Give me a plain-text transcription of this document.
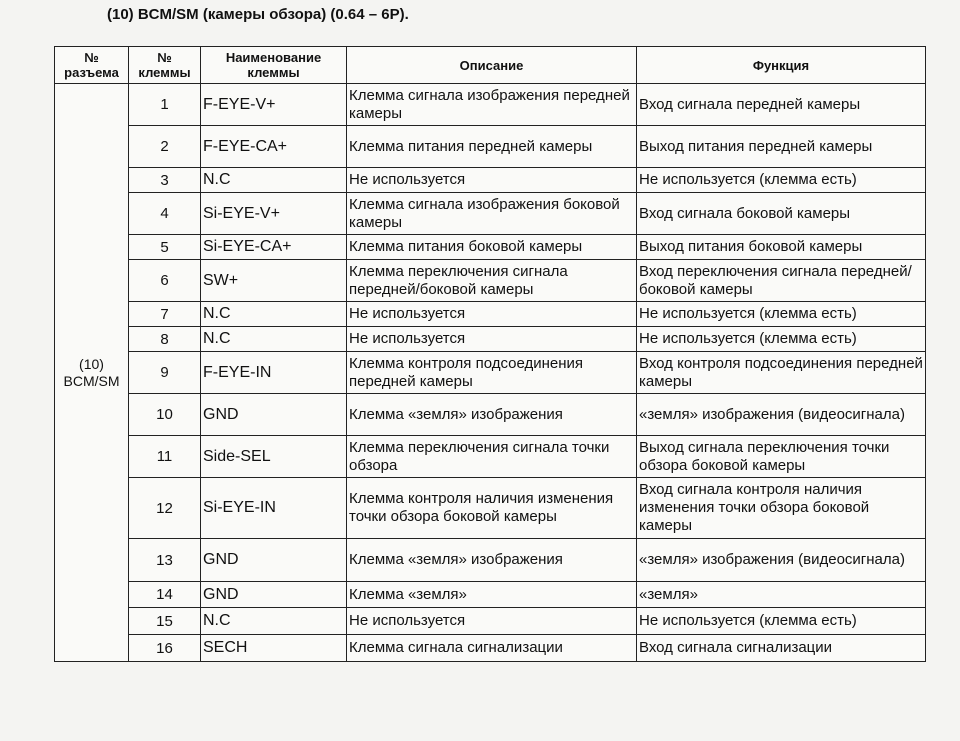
(10) BCM/SM (камеры обзора) (0.64 – 6P).
№ разъема	№ клеммы	Наименование клеммы	Описание	Функция
(10) BCM/SM	1	F-EYE-V+	Клемма сигнала изображения передней камеры	Вход сигнала передней камеры
	2	F-EYE-CA+	Клемма питания передней камеры	Выход питания передней камеры
	3	N.C	Не используется	Не используется (клемма есть)
	4	Si-EYE-V+	Клемма сигнала изображения боковой камеры	Вход сигнала боковой камеры
	5	Si-EYE-CA+	Клемма питания боковой камеры	Выход питания боковой камеры
	6	SW+	Клемма переключения сигнала передней/боковой камеры	Вход переключения сигнала передней/боковой камеры
	7	N.C	Не используется	Не используется (клемма есть)
	8	N.C	Не используется	Не используется (клемма есть)
	9	F-EYE-IN	Клемма контроля подсоединения передней камеры	Вход контроля подсоединения передней камеры
	10	GND	Клемма «земля» изображения	«земля» изображения (видеосигнала)
	11	Side-SEL	Клемма переключения сигнала точки обзора	Выход сигнала переключения точки обзора боковой камеры
	12	Si-EYE-IN	Клемма контроля наличия изменения точки обзора боковой камеры	Вход сигнала контроля наличия изменения точки обзора боковой камеры
	13	GND	Клемма «земля» изображения	«земля» изображения (видеосигнала)
	14	GND	Клемма «земля»	«земля»
	15	N.C	Не используется	Не используется (клемма есть)
	16	SECH	Клемма сигнала сигнализации	Вход сигнала сигнализации
